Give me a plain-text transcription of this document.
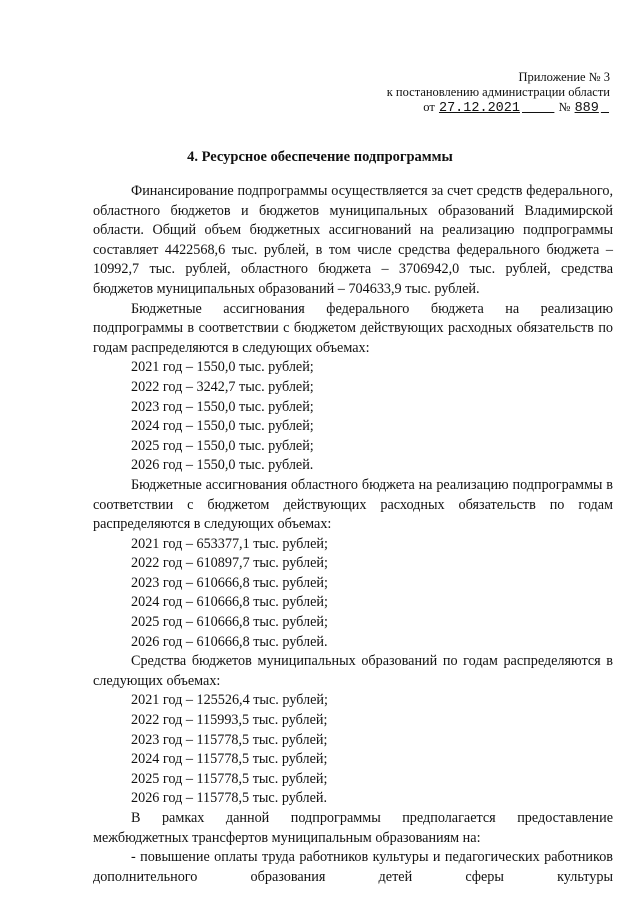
Приложение № 3
к постановлению администрации области
от 27.12.2021	№ 889
4. Ресурсное обеспечение подпрограммы

Финансирование подпрограммы осуществляется за счет средств федерального, областного бюджетов и бюджетов муниципальных образований Владимирской области. Общий объем бюджетных ассигнований на реализацию подпрограммы составляет 4422568,6 тыс. рублей, в том числе средства федерального бюджета – 10992,7 тыс. рублей, областного бюджета – 3706942,0 тыс. рублей, средства бюджетов муниципальных образований – 704633,9 тыс. рублей.

Бюджетные ассигнования федерального бюджета на реализацию подпрограммы в соответствии с бюджетом действующих расходных обязательств по годам распределяются в следующих объемах:

2021 год – 1550,0 тыс. рублей;

2022 год – 3242,7 тыс. рублей;

2023 год – 1550,0 тыс. рублей;

2024 год – 1550,0 тыс. рублей;

2025 год – 1550,0 тыс. рублей;

2026 год – 1550,0 тыс. рублей.

Бюджетные ассигнования областного бюджета на реализацию подпрограммы в соответствии с бюджетом действующих расходных обязательств по годам распределяются в следующих объемах:

2021 год – 653377,1 тыс. рублей;

2022 год – 610897,7 тыс. рублей;

2023 год – 610666,8 тыс. рублей;

2024 год – 610666,8 тыс. рублей;

2025 год – 610666,8 тыс. рублей;

2026 год – 610666,8 тыс. рублей.

Средства бюджетов муниципальных образований по годам распределяются в следующих объемах:

2021 год – 125526,4 тыс. рублей;

2022 год – 115993,5 тыс. рублей;

2023 год – 115778,5 тыс. рублей;

2024 год – 115778,5 тыс. рублей;

2025 год – 115778,5 тыс. рублей;

2026 год – 115778,5 тыс. рублей.

В рамках данной подпрограммы предполагается предоставление межбюджетных трансфертов муниципальным образованиям на:

- повышение оплаты труда работников культуры и педагогических работников дополнительного образования детей сферы культуры
